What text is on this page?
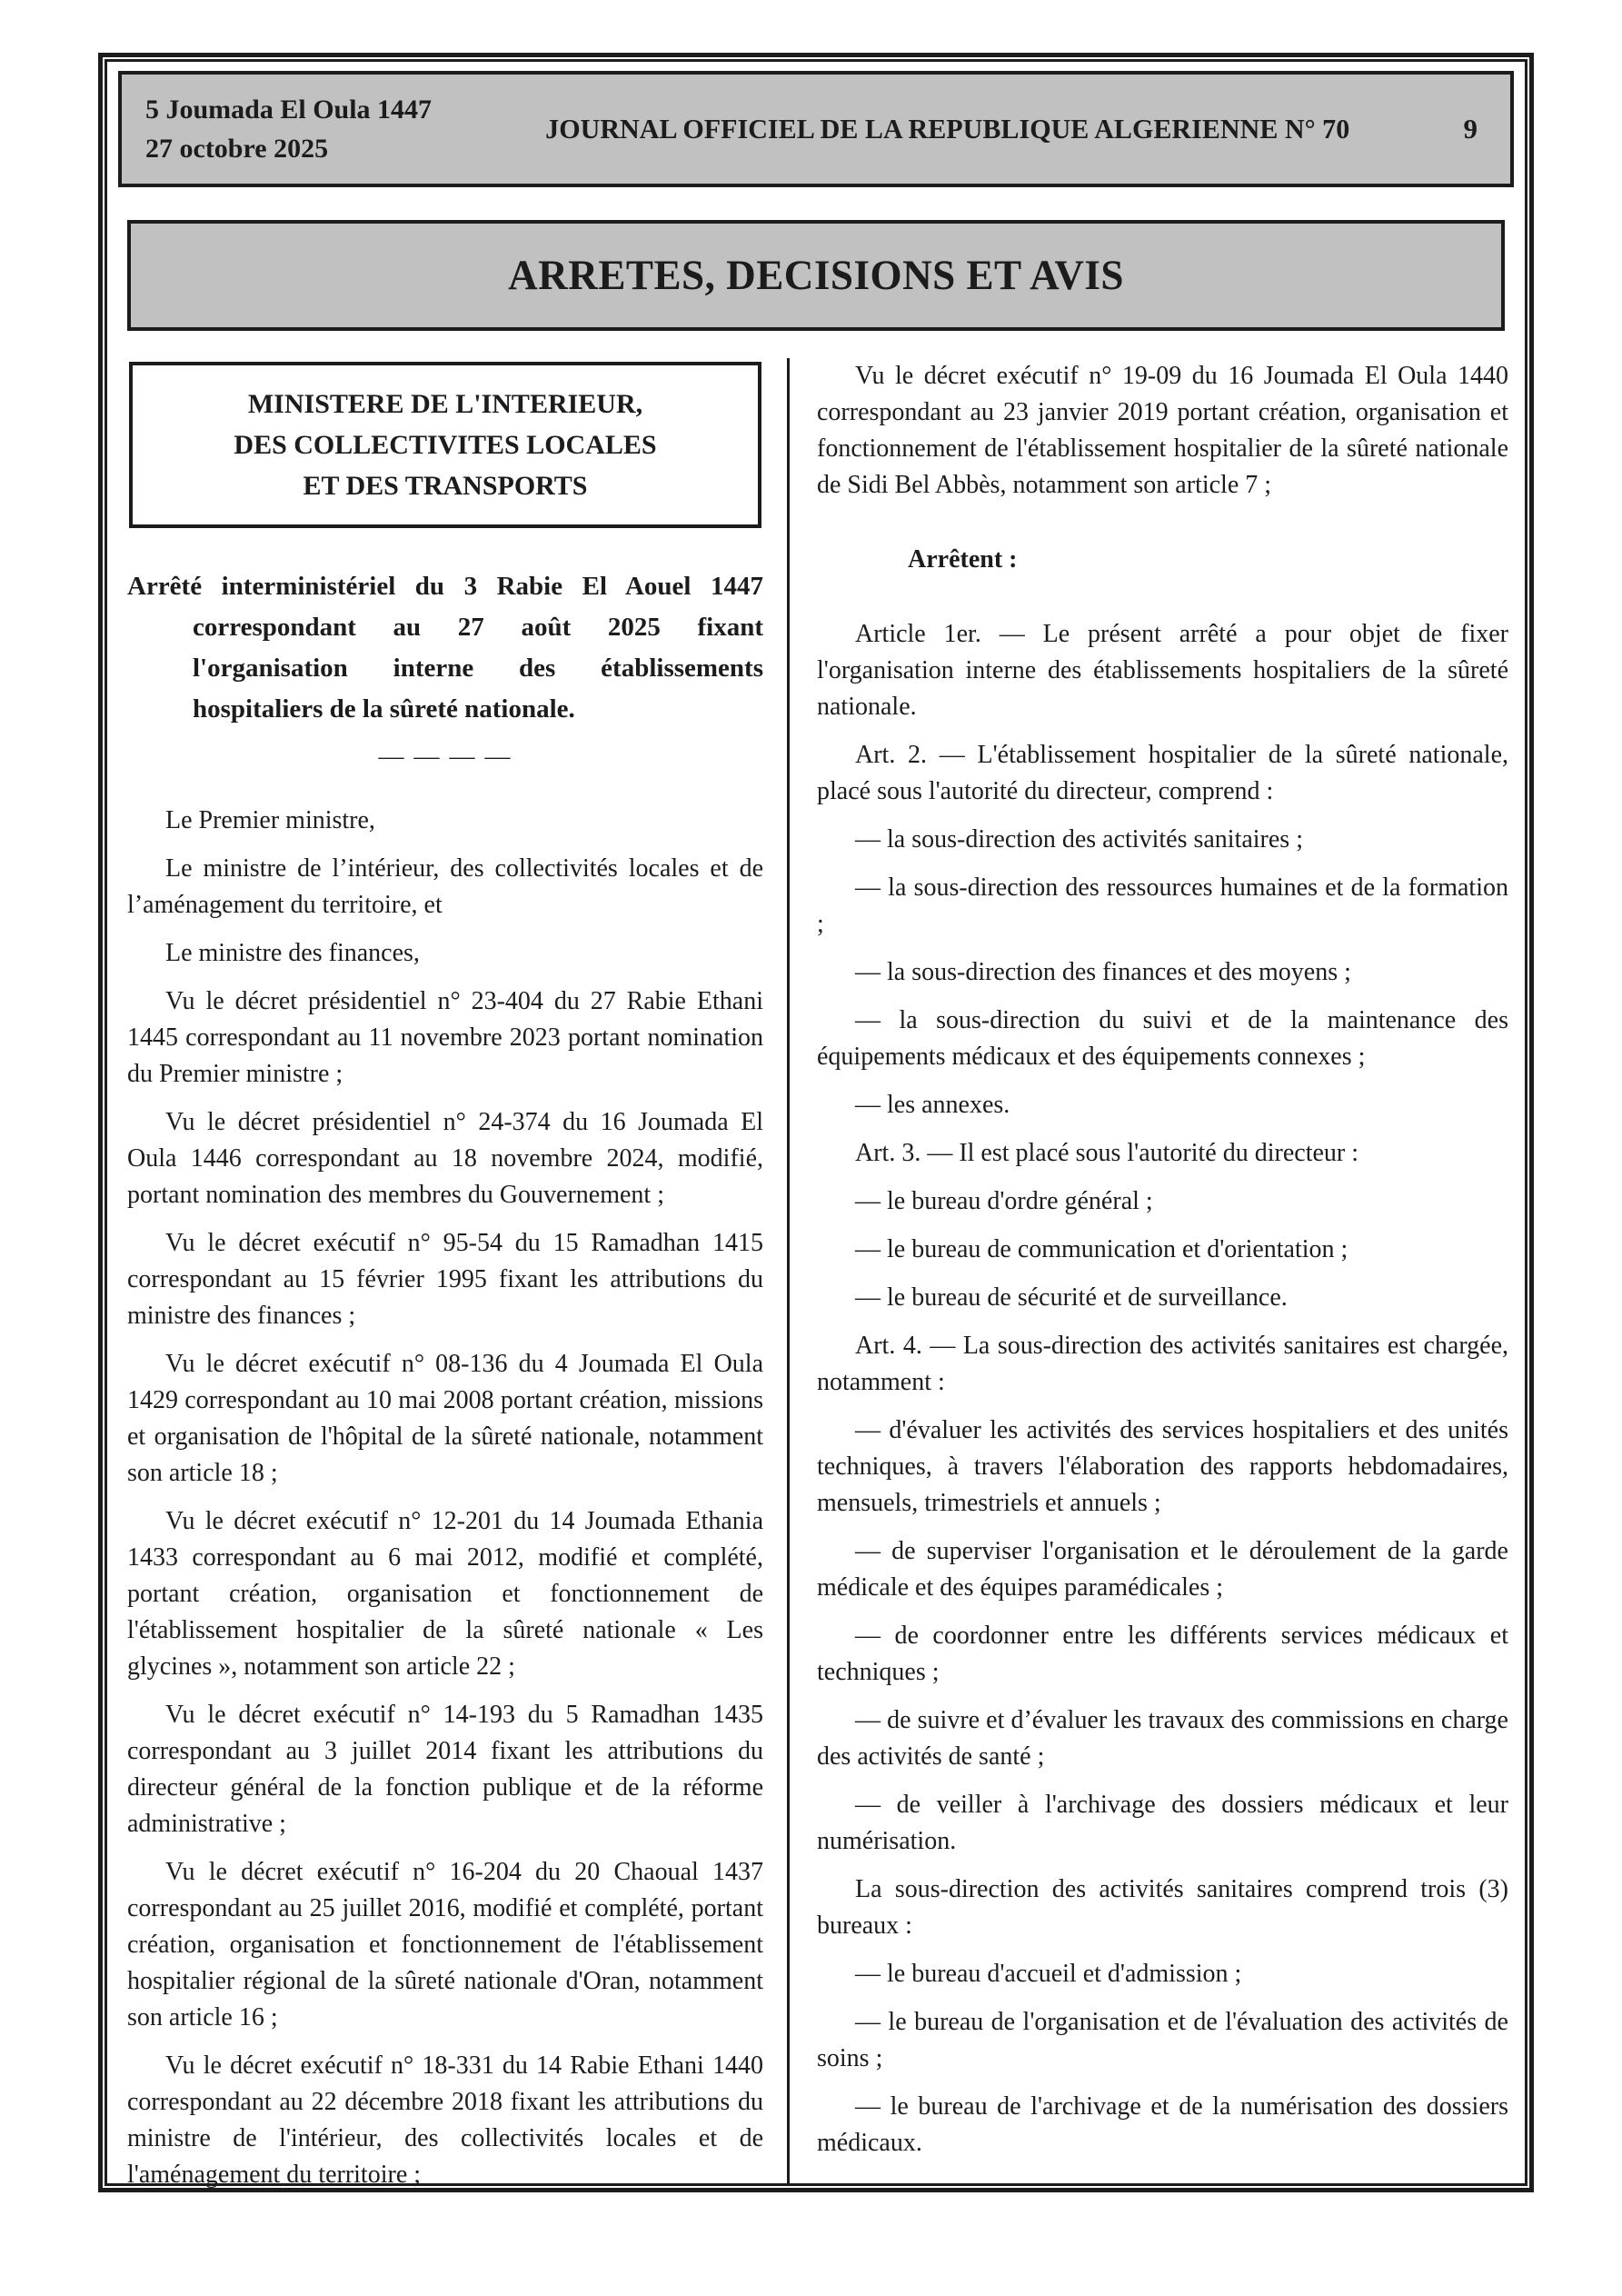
5 Joumada El Oula 1447
27 octobre 2025
JOURNAL OFFICIEL DE LA REPUBLIQUE ALGERIENNE N° 70	9
ARRETES, DECISIONS ET AVIS
MINISTERE DE L'INTERIEUR,
DES COLLECTIVITES LOCALES
ET DES TRANSPORTS

Arrêté interministériel du 3 Rabie El Aouel 1447 correspondant au 27 août 2025 fixant l'organisation interne des établissements hospitaliers de la sûreté nationale.

— — — —

Le Premier ministre,

Le ministre de l’intérieur, des collectivités locales et de l’aménagement du territoire, et

Le ministre des finances,

Vu le décret présidentiel n° 23-404 du 27 Rabie Ethani 1445 correspondant au 11 novembre 2023 portant nomination du Premier ministre ;

Vu le décret présidentiel n° 24-374 du 16 Joumada El Oula 1446 correspondant au 18 novembre 2024, modifié, portant nomination des membres du Gouvernement ;

Vu le décret exécutif n° 95-54 du 15 Ramadhan 1415 correspondant au 15 février 1995 fixant les attributions du ministre des finances ;

Vu le décret exécutif n° 08-136 du 4 Joumada El Oula 1429 correspondant au 10 mai 2008 portant création, missions et organisation de l'hôpital de la sûreté nationale, notamment son article 18 ;

Vu le décret exécutif n° 12-201 du 14 Joumada Ethania 1433 correspondant au 6 mai 2012, modifié et complété, portant création, organisation et fonctionnement de l'établissement hospitalier de la sûreté nationale « Les glycines », notamment son article 22 ;

Vu le décret exécutif n° 14-193 du 5 Ramadhan 1435 correspondant au 3 juillet 2014 fixant les attributions du directeur général de la fonction publique et de la réforme administrative ;

Vu le décret exécutif n° 16-204 du 20 Chaoual 1437 correspondant au 25 juillet 2016, modifié et complété, portant création, organisation et fonctionnement de l'établissement hospitalier régional de la sûreté nationale d'Oran, notamment son article 16 ;

Vu le décret exécutif n° 18-331 du 14 Rabie Ethani 1440 correspondant au 22 décembre 2018 fixant les attributions du ministre de l'intérieur, des collectivités locales et de l'aménagement du territoire ;

Vu le décret exécutif n° 19-09 du 16 Joumada El Oula 1440 correspondant au 23 janvier 2019 portant création, organisation et fonctionnement de l'établissement hospitalier de la sûreté nationale de Sidi Bel Abbès, notamment son article 7 ;

Arrêtent :

Article 1er. — Le présent arrêté a pour objet de fixer l'organisation interne des établissements hospitaliers de la sûreté nationale.

Art. 2. — L'établissement hospitalier de la sûreté nationale, placé sous l'autorité du directeur, comprend :

— la sous-direction des activités sanitaires ;

— la sous-direction des ressources humaines et de la formation ;

— la sous-direction des finances et des moyens ;

— la sous-direction du suivi et de la maintenance des équipements médicaux et des équipements connexes ;

— les annexes.

Art. 3. — Il est placé sous l'autorité du directeur :

— le bureau d'ordre général ;

— le bureau de communication et d'orientation ;

— le bureau de sécurité et de surveillance.

Art. 4. — La sous-direction des activités sanitaires est chargée, notamment :

— d'évaluer les activités des services hospitaliers et des unités techniques, à travers l'élaboration des rapports hebdomadaires, mensuels, trimestriels et annuels ;

— de superviser l'organisation et le déroulement de la garde médicale et des équipes paramédicales ;

— de coordonner entre les différents services médicaux et techniques ;

— de suivre et d’évaluer les travaux des commissions en charge des activités de santé ;

— de veiller à l'archivage des dossiers médicaux et leur numérisation.

La sous-direction des activités sanitaires comprend trois (3) bureaux :

— le bureau d'accueil et d'admission ;

— le bureau de l'organisation et de l'évaluation des activités de soins ;

— le bureau de l'archivage et de la numérisation des dossiers médicaux.
